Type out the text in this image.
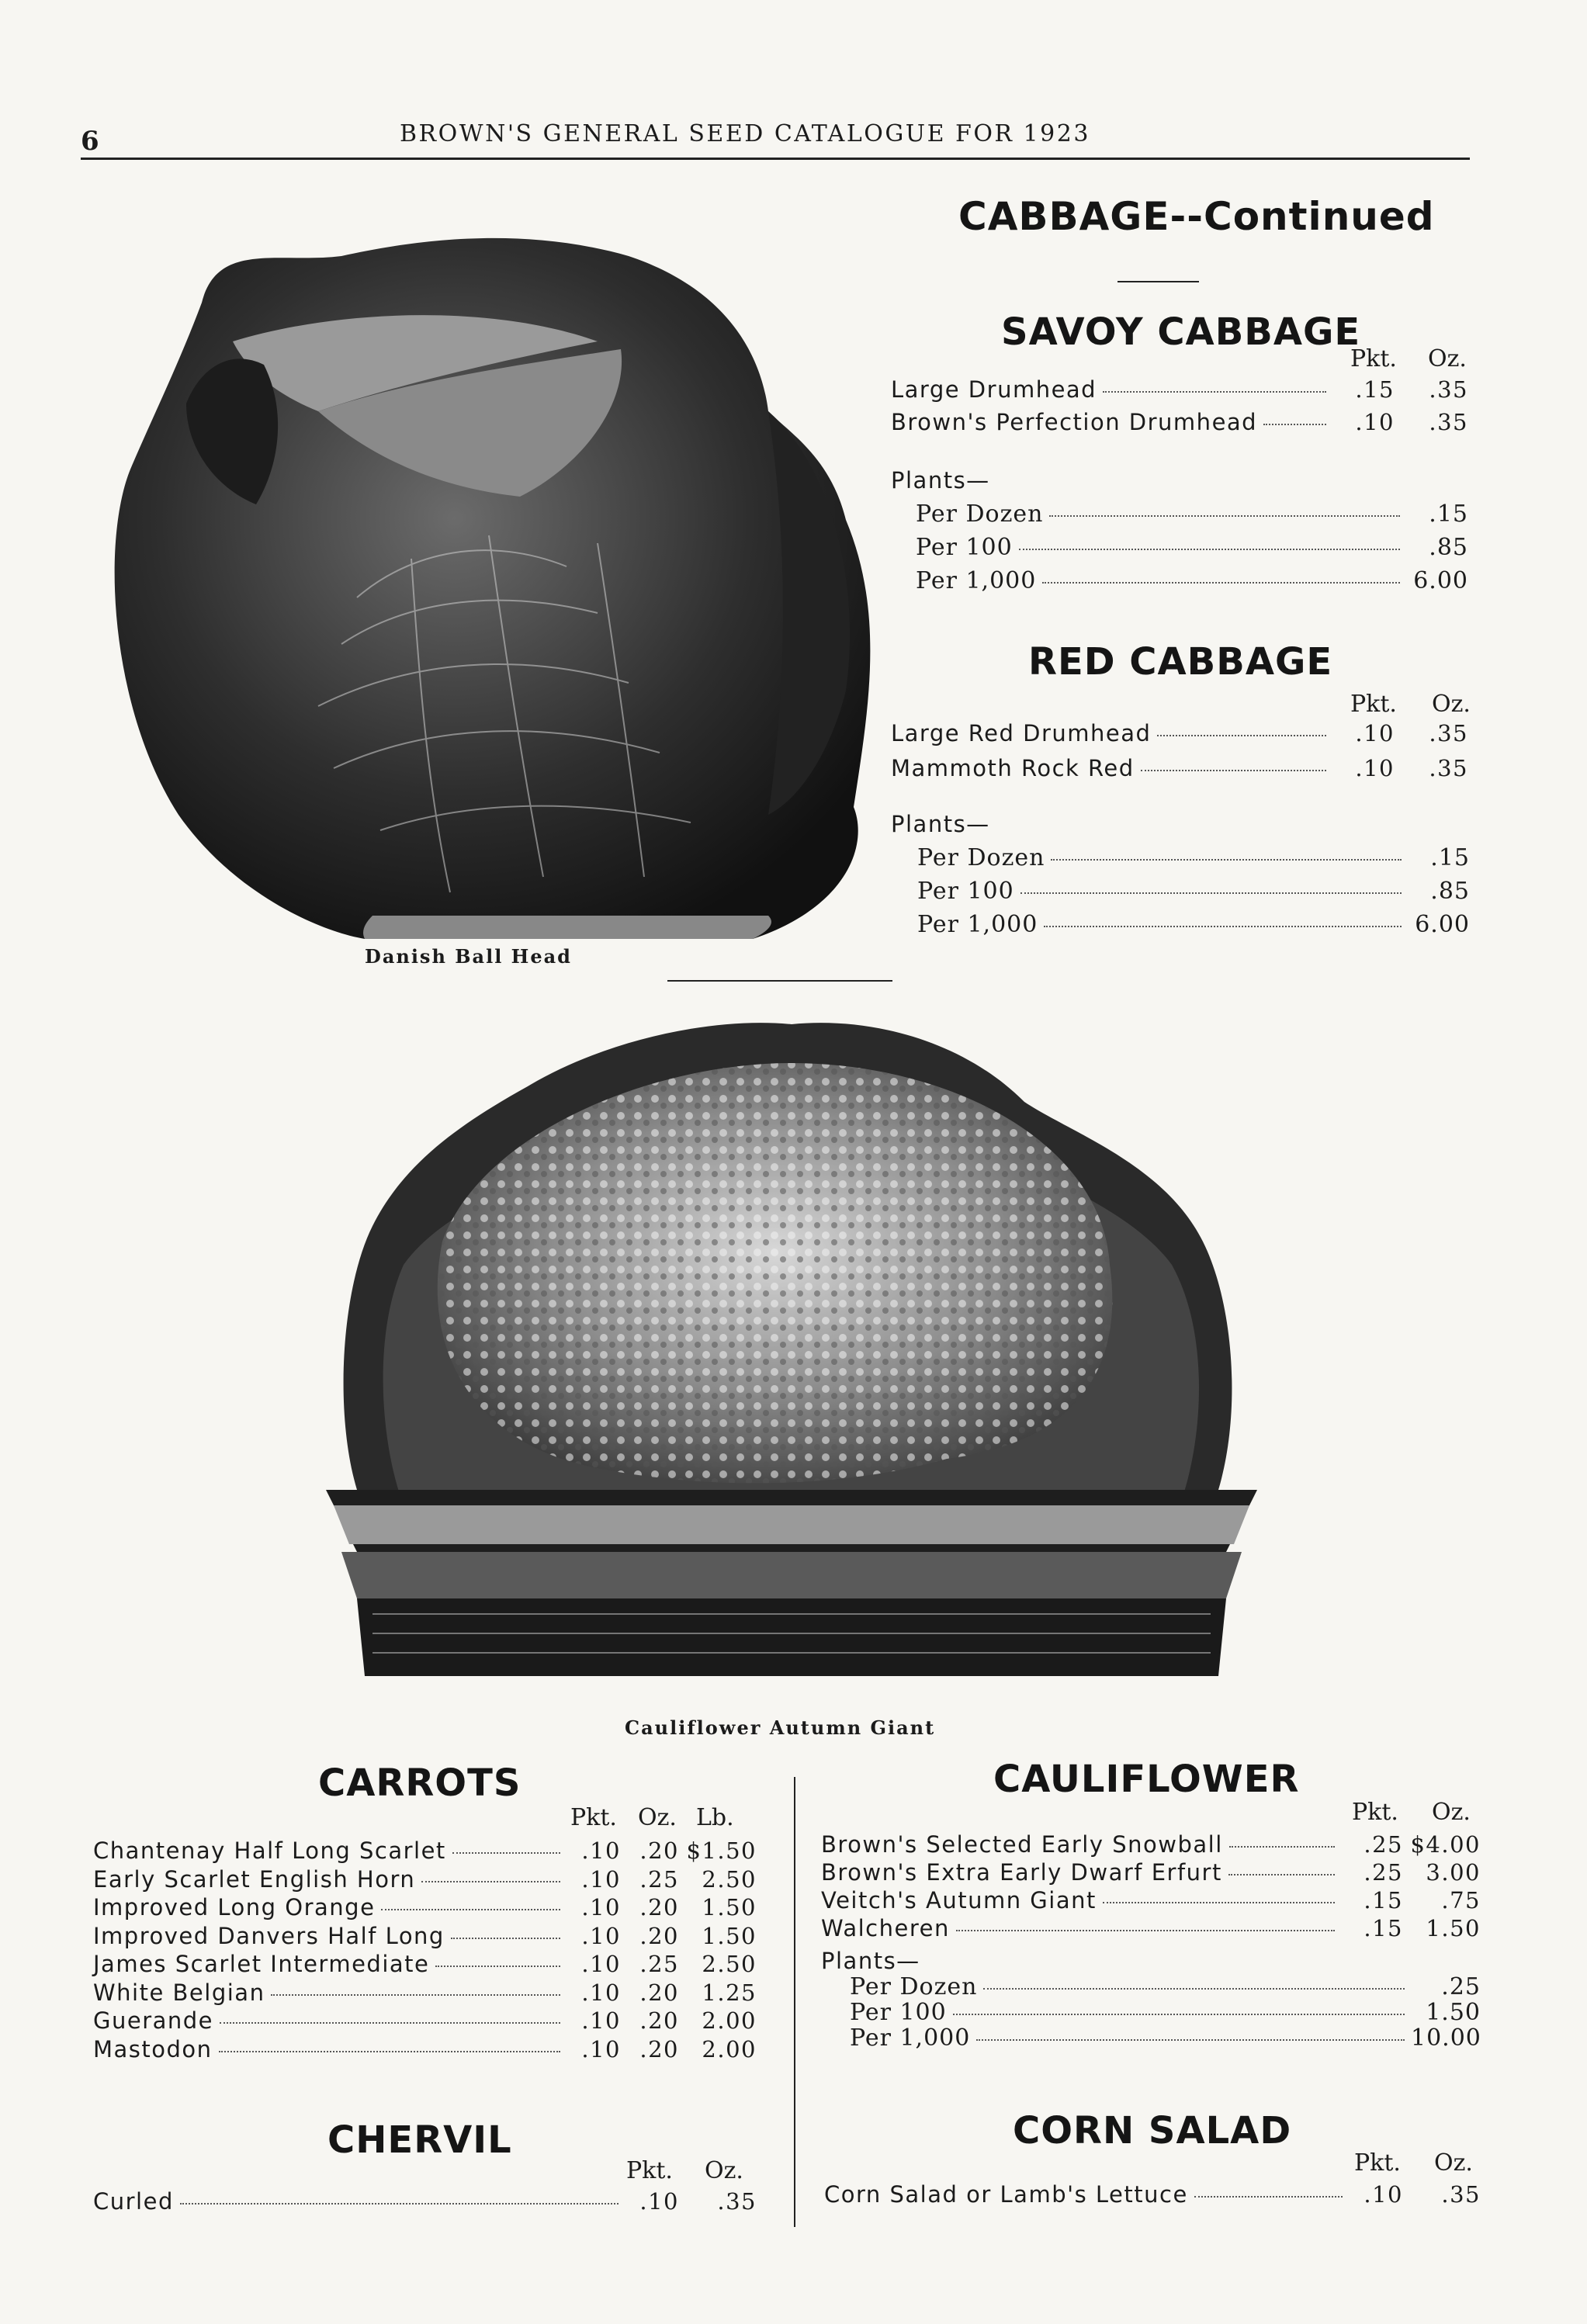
6	BROWN'S GENERAL SEED CATALOGUE FOR 1923
Danish Ball Head
CABBAGE--Continued
SAVOY CABBAGE
Pkt. Oz.
Large Drumhead	.15	.35
Brown's Perfection Drumhead	.10	.35
Plants—
Per Dozen	.15
Per 100	.85
Per 1,000	6.00
RED CABBAGE
Pkt. Oz.
Large Red Drumhead	.10	.35
Mammoth Rock Red	.10	.35
Plants—
Per Dozen	.15
Per 100	.85
Per 1,000	6.00
Cauliflower Autumn Giant
CARROTS
Pkt. Oz. Lb.
Chantenay Half Long Scarlet	.10 .20 $1.50
Early Scarlet English Horn	.10 .25	2.50
Improved Long Orange	.10 .20	1.50
Improved Danvers Half Long	.10 .20	1.50
James Scarlet Intermediate	.10 .25	2.50
White Belgian	.10 .20	1.25
Guerande	.10 .20	2.00
Mastodon	.10 .20	2.00
CHERVIL
Pkt. Oz.
Curled	.10	.35
CAULIFLOWER
Pkt. Oz.
Brown's Selected Early Snowball	.25 $4.00
Brown's Extra Early Dwarf Erfurt	.25	3.00
Veitch's Autumn Giant	.15	.75
Walcheren	.15	1.50
Plants—
Per Dozen	.25
Per 100	1.50
Per 1,000	10.00
CORN SALAD
Pkt. Oz.
Corn Salad or Lamb's Lettuce	.10	.35
